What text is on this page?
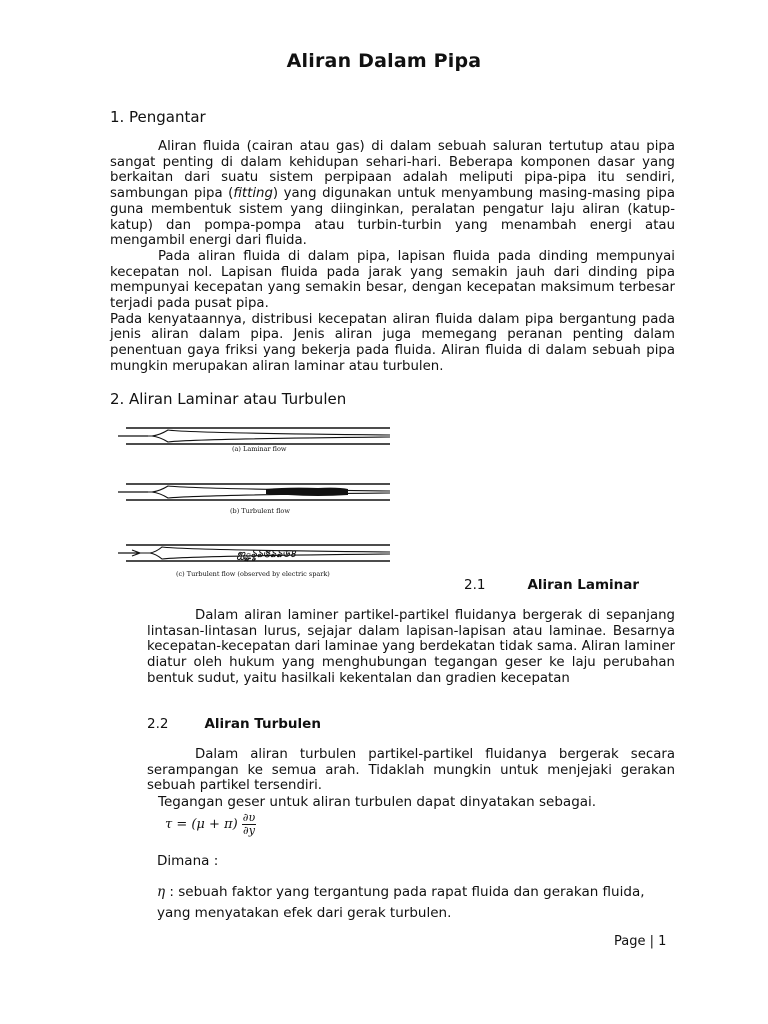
Aliran Dalam Pipa
1. Pengantar

Aliran fluida (cairan atau gas) di dalam sebuah saluran tertutup atau pipa sangat penting di dalam kehidupan sehari-hari. Beberapa komponen dasar yang berkaitan dari suatu sistem perpipaan adalah meliputi pipa-pipa itu sendiri, sambungan pipa (fitting) yang digunakan untuk menyambung masing-masing pipa guna membentuk sistem yang diinginkan, peralatan pengatur laju aliran (katup-katup) dan pompa-pompa atau turbin-turbin yang menambah energi atau mengambil energi dari fluida.

Pada aliran fluida di dalam pipa, lapisan fluida pada dinding mempunyai kecepatan nol. Lapisan fluida pada jarak yang semakin jauh dari dinding pipa mempunyai kecepatan yang semakin besar, dengan kecepatan maksimum terbesar terjadi pada pusat pipa.

Pada kenyataannya, distribusi kecepatan aliran fluida dalam pipa bergantung pada jenis aliran dalam pipa. Jenis aliran juga memegang peranan penting dalam penentuan gaya friksi yang bekerja pada fluida. Aliran fluida di dalam sebuah pipa mungkin merupakan aliran laminar atau turbulen.

2. Aliran Laminar atau Turbulen
(a) Laminar flow
(b) Turbulent flow
ஐ్ఞৡঌঙঌঌড৪
(c) Turbulent flow (observed by electric spark)
2.1	Aliran Laminar

Dalam aliran laminer partikel-partikel fluidanya bergerak di sepanjang lintasan-lintasan lurus, sejajar dalam lapisan-lapisan atau laminae. Besarnya kecepatan-kecepatan dari laminae yang berdekatan tidak sama. Aliran laminer diatur oleh hukum yang menghubungan tegangan geser ke laju perubahan bentuk sudut, yaitu hasilkali kekentalan dan gradien kecepatan

2.2	Aliran Turbulen

Dalam aliran turbulen partikel-partikel fluidanya bergerak secara serampangan ke semua arah. Tidaklah mungkin untuk menjejaki gerakan sebuah partikel tersendiri.

Tegangan geser untuk aliran turbulen dapat dinyatakan sebagai.
$\tau = (\mu + \pi) \frac{\partial\upsilon}{\partial y}$
Dimana :
η : sebuah faktor yang tergantung pada rapat fluida dan gerakan fluida,
yang menyatakan efek dari gerak turbulen.
Page | 1
